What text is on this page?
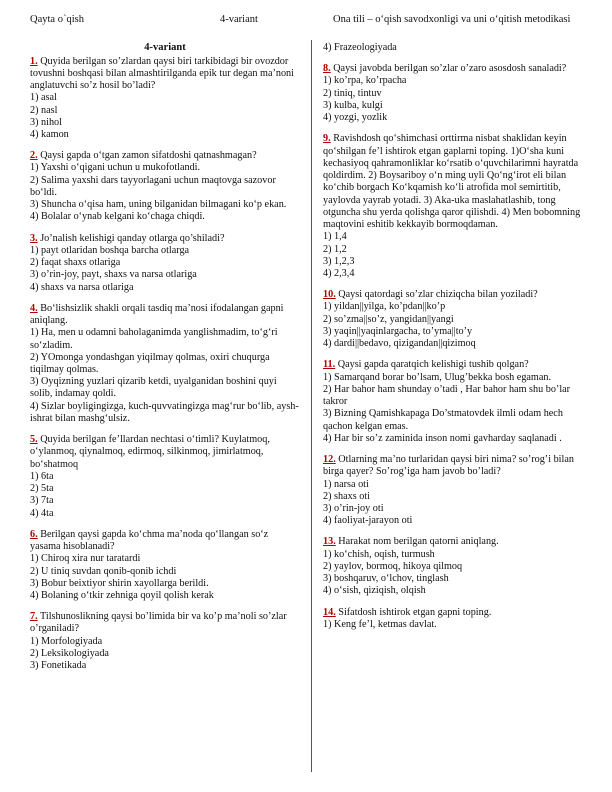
Qayta o`qish	4-variant	Ona tili – o‘qish savodxonligi va uni o‘qitish metodikasi
4-variant

1. Quyida berilgan so’zlardan qaysi biri tarkibidagi bir ovozdor tovushni boshqasi bilan almashtirilganda epik tur degan ma’noni anglatuvchi so’z hosil bo’ladi?

1) asal

2) nasl

3) nihol

4) kamon

2. Qaysi gapda o‘tgan zamon sifatdoshi qatnashmagan?

1) Yaxshi o‘qigani uchun u mukofotlandi.

2) Salima yaxshi dars tayyorlagani uchun maqtovga sazovor bo‘ldi.

3) Shuncha o‘qisa ham, uning bilganidan bilmagani ko‘p ekan.

4) Bolalar o‘ynab kelgani ko‘chaga chiqdi.

3. Jo’nalish kelishigi qanday otlarga qo’shiladi?

1) payt otlaridan boshqa barcha otlarga

2) faqat shaxs otlariga

3) o’rin-joy, payt, shaxs va narsa otlariga

4) shaxs va narsa otlariga

4. Bo‘lishsizlik shakli orqali tasdiq ma’nosi ifodalangan gapni aniqlang.

1) Ha, men u odamni baholaganimda yanglishmadim, to‘g‘ri so‘zladim.

2) YOmonga yondashgan yiqilmay qolmas, oxiri chuqurga tiqilmay qolmas.

3) Oyqizning yuzlari qizarib ketdi, uyalganidan boshini quyi solib, indamay qoldi.

4) Sizlar boyligingizga, kuch-quvvatingizga mag‘rur bo‘lib, aysh-ishrat bilan mashg‘ulsiz.

5. Quyida berilgan fe’llardan nechtasi o‘timli? Kuylatmoq, o‘ylanmoq, qiynalmoq, edirmoq, silkinmoq, jimirlatmoq, bo‘shatmoq

1) 6ta

2) 5ta

3) 7ta

4) 4ta

6. Berilgan qaysi gapda ko‘chma ma’noda qo‘llangan so‘z yasama hisoblanadi?

1) Chiroq xira nur taratardi

2) U tiniq suvdan qonib-qonib ichdi

3) Bobur beixtiyor shirin xayollarga berildi.

4) Bolaning o‘tkir zehniga qoyil qolish kerak

7. Tilshunoslikning qaysi bo’limida bir va ko’p ma’noli so’zlar o’rganiladi?

1) Morfologiyada

2) Leksikologiyada

3) Fonetikada

4) Frazeologiyada

8. Qaysi javobda berilgan so’zlar o’zaro asosdosh sanaladi?

1) ko’rpa, ko’rpacha

2) tiniq, tintuv

3) kulba, kulgi

4) yozgi, yozlik

9. Ravishdosh qo‘shimchasi orttirma nisbat shaklidan keyin qo‘shilgan fe’l ishtirok etgan gaplarni toping. 1)O‘sha kuni kechasiyoq qahramonliklar ko‘rsatib o‘quvchilarimni hayratda qoldirdim. 2) Boysariboy o‘n ming uyli Qo‘ng‘irot eli bilan ko‘chib borgach Ko‘kqamish ko‘li atrofida mol semirtitib, yaylovda yayrab yotadi. 3) Aka-uka maslahatlashib, tong otguncha shu yerda qolishga qaror qilishdi. 4) Men bobomning maqtovini eshitib kekkayib bormoqdaman.

1) 1,4

2) 1,2

3) 1,2,3

4) 2,3,4

10. Qaysi qatordagi so’zlar chiziqcha bilan yoziladi?

1) yildan||yilga, ko’pdan||ko’p

2) so’zma||so’z, yangidan||yangi

3) yaqin||yaqinlargacha, to’yma||to’y

4) dardi||bedavo, qizigandan||qizimoq

11. Qaysi gapda qaratqich kelishigi tushib qolgan?

1) Samarqand borar bo’lsam, Ulug’bekka bosh egaman.

2) Har bahor ham shunday o’tadi , Har bahor ham shu bo’lar takror

3) Bizning Qamishkapaga Do’stmatovdek ilmli odam hech qachon kelgan emas.

4) Har bir so’z zaminida inson nomi gavharday saqlanadi .

12. Otlarning ma’no turlaridan qaysi biri nima? so’rog’i bilan birga qayer? So’rog’iga ham javob bo’ladi?

1) narsa oti

2) shaxs oti

3) o’rin-joy oti

4) faoliyat-jarayon oti

13. Harakat nom berilgan qatorni aniqlang.

1) ko‘chish, oqish, turmush

2) yaylov, bormoq, hikoya qilmoq

3) boshqaruv, o‘lchov, tinglash

4) o‘sish, qiziqish, olqish

14. Sifatdosh ishtirok etgan gapni toping.

1) Keng fe’l, ketmas davlat.
